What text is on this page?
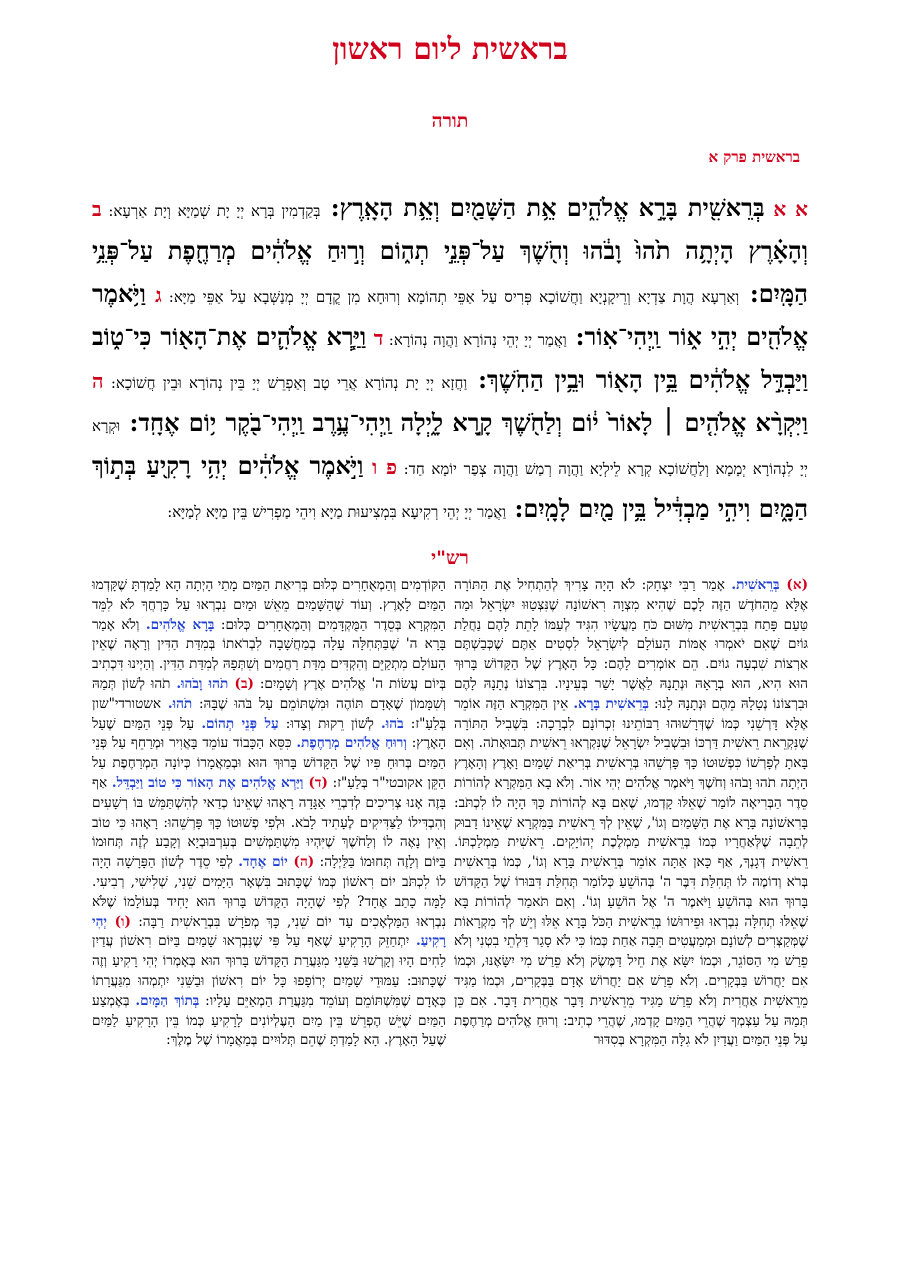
בראשית ליום ראשון
תורה
בראשית פרק א
א א בְּרֵאשִׁ֖ית בָּרָ֣א אֱלֹהִ֑ים אֵ֥ת הַשָּׁמַ֖יִם וְאֵ֥ת הָאָֽרֶץ: בְּקַדְמִין בְּרָא יְיָ יָת שְׁמַיָּא וְיָת אַרְעָא: ב וְהָאָ֗רֶץ הָיְתָ֥ה תֹ֙הוּ֙ וָבֹ֔הוּ וְחֹ֖שֶׁךְ עַל־פְּנֵ֣י תְה֑וֹם וְר֣וּחַ אֱלֹהִ֔ים מְרַחֶ֖פֶת עַל־פְּנֵ֥י הַמָּֽיִם: וְאַרְעָא הֲוָת צַדְיָא וְרֵיקָנְיָא וַחֲשׁוֹכָא פְּרִיס עַל אַפֵּי תְהוֹמָא וְרוּחָא מִן קֳדָם יְיָ מְנַשְּׁבָא עַל אַפֵּי מַיָּא: ג וַיֹּ֥אמֶר אֱלֹהִ֖ים יְהִ֣י א֑וֹר וַֽיְהִי־אֽוֹר: וַאֲמַר יְיָ יְהֵי נְהוֹרָא וַהֲוָה נְהוֹרָא: ד וַיַּ֧רְא אֱלֹהִ֛ים אֶת־הָא֖וֹר כִּי־ט֑וֹב וַיַּבְדֵּ֣ל אֱלֹהִ֔ים בֵּ֥ין הָא֖וֹר וּבֵ֥ין הַחֹֽשֶׁךְ: וַחֲזָא יְיָ יָת נְהוֹרָא אֲרֵי טָב וְאַפְרֵשׁ יְיָ בֵּין נְהוֹרָא וּבֵין חֲשׁוֹכָא: ה וַיִּקְרָ֨א אֱלֹהִ֤ים ׀ לָאוֹר֙ י֔וֹם וְלַחֹ֖שֶׁךְ קָ֣רָא לָ֑יְלָה וַֽיְהִי־עֶ֥רֶב וַֽיְהִי־בֹ֖קֶר י֥וֹם אֶחָֽד: וּקְרָא יְיָ לִנְהוֹרָא יְמָמָא וְלַחֲשׁוֹכָא קְרָא לֵילְיָא וַהֲוָה רְמַשׁ וַהֲוָה צְפַר יוֹמָא חַד: פ ו וַיֹּ֣אמֶר אֱלֹהִ֔ים יְהִ֥י רָקִ֖יעַ בְּת֣וֹךְ הַמָּ֑יִם וִיהִ֣י מַבְדִּ֔יל בֵּ֥ין מַ֖יִם לָמָֽיִם: וַאֲמַר יְיָ יְהֵי רְקִיעָא בִּמְצִיעוּת מַיָּא וִיהֵי מַפְרִישׁ בֵּין מַיָּא לְמַיָּא:
רש"י
(א) בְּרֵאשִׁית. אָמַר רַבִּי יִצְחָק: לֹא הָיָה צָרִיךְ לְהַתְחִיל אֶת הַתּוֹרָה אֶלָּא מֵהַחֹדֶשׁ הַזֶּה לָכֶם שֶׁהִיא מִצְוָה רִאשׁוֹנָה שֶׁנִּצְטַוּוּ יִשְׂרָאֵל וּמַה טַּעַם פָּתַח בִּבְרֵאשִׁית מִשּׁוּם כֹּחַ מַעֲשָׂיו הִגִּיד לְעַמּוֹ לָתֵת לָהֶם נַחֲלַת גּוֹיִם שֶׁאִם יֹאמְרוּ אֻמּוֹת הָעוֹלָם לְיִשְׂרָאֵל לִסְטִים אַתֶּם שֶׁכְּבַשְׁתֶּם אַרְצוֹת שִׁבְעָה גוֹיִם. הֵם אוֹמְרִים לָהֶם: כָּל הָאָרֶץ שֶׁל הַקָּדוֹשׁ בָּרוּךְ הוּא הִיא, הוּא בְרָאָהּ וּנְתָנָהּ לַאֲשֶׁר יָשַׁר בְּעֵינָיו. בִּרְצוֹנוֹ נְתָנָהּ לָהֶם וּבִרְצוֹנוֹ נְטָלָהּ מֵהֶם וּנְתָנָהּ לָנוּ: בְּרֵאשִׁית בָּרָא. אֵין הַמִּקְרָא הַזֶּה אוֹמֵר אֶלָּא דָּרְשֵׁנִי כְּמוֹ שֶׁדְּרָשׁוּהוּ רַבּוֹתֵינוּ זִכְרוֹנָם לִבְרָכָה: בִּשְׁבִיל הַתּוֹרָה שֶׁנִּקְרֵאת רֵאשִׁית דַּרְכּוֹ וּבִשְׁבִיל יִשְׂרָאֵל שֶׁנִּקְרְאוּ רֵאשִׁית תְּבוּאָתֹה. וְאִם בָּאתָ לְפָרְשׁוֹ כִּפְשׁוּטוֹ כָּךְ פָּרְשֵׁהוּ בְּרֵאשִׁית בְּרִיאַת שָׁמַיִם וָאָרֶץ וְהָאָרֶץ הָיְתָה תֹהוּ וָבֹהוּ וְחֹשֶׁךְ וַיֹּאמֶר אֱלֹהִים יְהִי אוֹר. וְלֹא בָא הַמִּקְרָא לְהוֹרוֹת סֵדֶר הַבְּרִיאָה לוֹמַר שֶׁאֵלּוּ קָדְמוּ, שֶׁאִם בָּא לְהוֹרוֹת כָּךְ הָיָה לוֹ לִכְתֹּב: בָּרִאשׁוֹנָה בָּרָא אֶת הַשָּׁמַיִם וְגוֹ', שֶׁאֵין לְךָ רֵאשִׁית בַּמִּקְרָא שֶׁאֵינוֹ דָבוּק לְתֵבָה שֶׁלְּאַחֲרָיו כְּמוֹ בְּרֵאשִׁית מַמְלֶכֶת יְהוֹיָקִים. רֵאשִׁית מַמְלַכְתּוֹ. רֵאשִׁית דְּגָנְךָ, אַף כָּאן אַתָּה אוֹמֵר בְּרֵאשִׁית בָּרָא וְגוֹ', כְּמוֹ בְּרֵאשִׁית בְּרֹא וְדוֹמֶה לוֹ תְּחִלַּת דִּבֶּר ה' בְּהוֹשֵׁעַ כְּלוֹמַר תְּחִלַּת דִּבּוּרוֹ שֶׁל הַקָּדוֹשׁ בָּרוּךְ הוּא בְּהוֹשֵׁעַ וַיֹּאמֶר ה' אֶל הוֹשֵׁעַ וְגוֹ'. וְאִם תֹּאמַר לְהוֹרוֹת בָּא שֶׁאֵלּוּ תְחִלָּה נִבְרְאוּ וּפֵירוּשׁוֹ בְּרֵאשִׁית הַכֹּל בָּרָא אֵלּוּ וְיֵשׁ לְךָ מִקְרָאוֹת שֶׁמְּקַצְּרִים לְשׁוֹנָם וּמְמַעֲטִים תֵּבָה אַחַת כְּמוֹ כִּי לֹא סָגַר דַּלְתֵי בִטְנִי וְלֹא פֵרַשׁ מִי הַסּוֹגֵר, וּכְמוֹ יִשָּׂא אֶת חֵיל דַּמֶּשֶׂק וְלֹא פֵרַשׁ מִי יִשָּׂאֶנּוּ, וּכְמוֹ אִם יַחֲרוֹשׁ בַּבְּקָרִים. וְלֹא פֵרַשׁ אִם יַחֲרוֹשׁ אָדָם בַּבְּקָרִים, וּכְמוֹ מַגִּיד מֵרֵאשִׁית אַחֲרִית וְלֹא פֵרַשׁ מַגִּיד מֵרֵאשִׁית דָּבָר אַחֲרִית דָּבָר. אִם כֵּן תְּמַהּ עַל עַצְמְךָ שֶׁהֲרֵי הַמַּיִם קָדְמוּ, שֶׁהֲרֵי כְתִיב: וְרוּחַ אֱלֹהִים מְרַחֶפֶת עַל פְּנֵי הַמַּיִם וַעֲדַיִן לֹא גִלָּה הַמִּקְרָא בְּסִדּוּר
הַקּוֹדְמִים וְהַמְאֻחָרִים כְּלוּם בְּרִיאַת הַמַּיִם מָתַי הָיְתָה הָא לָמַדְתָּ שֶׁקָּדְמוּ הַמַּיִם לָאָרֶץ. וְעוֹד שֶׁהַשָּׁמַיִם מֵאֵשׁ וּמַיִם נִבְרְאוּ עַל כָּרְחֲךָ לֹא לִמֵּד הַמִּקְרָא בְּסֵדֶר הַמֻּקְדָּמִים וְהַמְאֻחָרִים כְּלוּם: בָּרָא אֱלֹהִים. וְלֹא אָמַר בָּרָא ה' שֶׁבַּתְּחִלָּה עָלָה בְמַחֲשָׁבָה לִבְרֹאתוֹ בְּמִדַּת הַדִּין וְרָאָה שֶׁאֵין הָעוֹלָם מִתְקַיֵּם וְהִקְדִּים מִדַּת רַחֲמִים וְשִׁתְּפָהּ לְמִדַּת הַדִּין. וְהַיְינוּ דִּכְתִיב בְּיוֹם עֲשׂוֹת ה' אֱלֹהִים אֶרֶץ וְשָׁמָיִם: (ב) תֹהוּ וָבֹהוּ. תֹהוּ לְשׁוֹן תְּמַהּ וְשִׁמָּמוֹן שֶׁאָדָם תּוֹהֶה וּמִשְׁתּוֹמֵם עַל בֹּהוּ שֶׁבָּהּ: תֹהוּ. אשטורדי"שון בְּלַעַ"ז: בֹהוּ. לְשׁוֹן רֵקוּת וְצָדוּ: עַל פְּנֵי תְהוֹם. עַל פְּנֵי הַמַּיִם שֶׁעַל הָאָרֶץ: וְרוּחַ אֱלֹהִים מְרַחֶפֶת. כִּסֵּא הַכָּבוֹד עוֹמֵד בָּאֲוִיר וּמְרַחֵף עַל פְּנֵי הַמַּיִם בְּרוּחַ פִּיו שֶׁל הַקָּדוֹשׁ בָּרוּךְ הוּא וּבְמַאֲמָרוֹ כְּיוֹנָה הַמְרַחֶפֶת עַל הַקֵּן אקובטי"ר בְּלַעַ"ז: (ד) וַיַּרְא אֱלֹהִים אֶת הָאוֹר כִּי טוֹב וַיַּבְדֵּל. אַף בָּזֶה אָנוּ צְרִיכִים לְדִבְרֵי אַגָּדָה רָאָהוּ שֶׁאֵינוֹ כְדַאי לְהִשְׁתַּמֵּשׁ בּוֹ רְשָׁעִים וְהִבְדִּילוֹ לַצַּדִּיקִים לֶעָתִיד לָבֹא. וּלְפִי פְשׁוּטוֹ כָּךְ פָּרְשֵׁהוּ: רָאָהוּ כִּי טוֹב וְאֵין נָאֶה לוֹ וְלַחֹשֶׁךְ שֶׁיִּהְיוּ מִשְׁתַּמְּשִׁים בְּעִרְבּוּבְיָא וְקָבַע לְזֶה תְּחוּמוֹ בַּיּוֹם וְלָזֶה תְּחוּמוֹ בַּלַּיְלָה: (ה) יוֹם אֶחָד. לְפִי סֵדֶר לְשׁוֹן הַפָּרָשָׁה הָיָה לוֹ לִכְתֹּב יוֹם רִאשׁוֹן כְּמוֹ שֶׁכָּתוּב בִּשְׁאָר הַיָּמִים שֵׁנִי, שְׁלִישִׁי, רְבִיעִי. לָמָּה כָתַב אֶחָד? לְפִי שֶׁהָיָה הַקָּדוֹשׁ בָּרוּךְ הוּא יָחִיד בְּעוֹלָמוֹ שֶׁלֹּא נִבְרְאוּ הַמַּלְאָכִים עַד יוֹם שֵׁנִי, כָּךְ מְפֹרָשׁ בִּבְרֵאשִׁית רַבָּה: (ו) יְהִי רָקִיעַ. יִתְחַזֵּק הָרָקִיעַ שֶׁאַף עַל פִּי שֶׁנִּבְרְאוּ שָׁמַיִם בַּיּוֹם רִאשׁוֹן עֲדַיִן לַחִים הָיוּ וְקָרְשׁוּ בַּשֵּׁנִי מִגַּעֲרַת הַקָּדוֹשׁ בָּרוּךְ הוּא בְּאָמְרוֹ יְהִי רָקִיעַ וְזֶה שֶׁכָּתוּב: עַמּוּדֵי שָׁמַיִם יְרוֹפָפוּ כָּל יוֹם רִאשׁוֹן וּבַשֵּׁנִי יִתְמְהוּ מִגַּעֲרָתוֹ כְּאָדָם שֶׁמִּשְׁתּוֹמֵם וְעוֹמֵד מִגַּעֲרַת הַמְאַיֵּם עָלָיו: בְּתוֹךְ הַמָּיִם. בְּאֶמְצַע הַמַּיִם שֶׁיֵּשׁ הֶפְרֵשׁ בֵּין מַיִם הָעֶלְיוֹנִים לָרָקִיעַ כְּמוֹ בֵּין הָרָקִיעַ לַמַּיִם שֶׁעַל הָאָרֶץ. הָא לָמַדְתָּ שֶׁהֵם תְּלוּיִים בְּמַאֲמָרוֹ שֶׁל מֶלֶךְ:
